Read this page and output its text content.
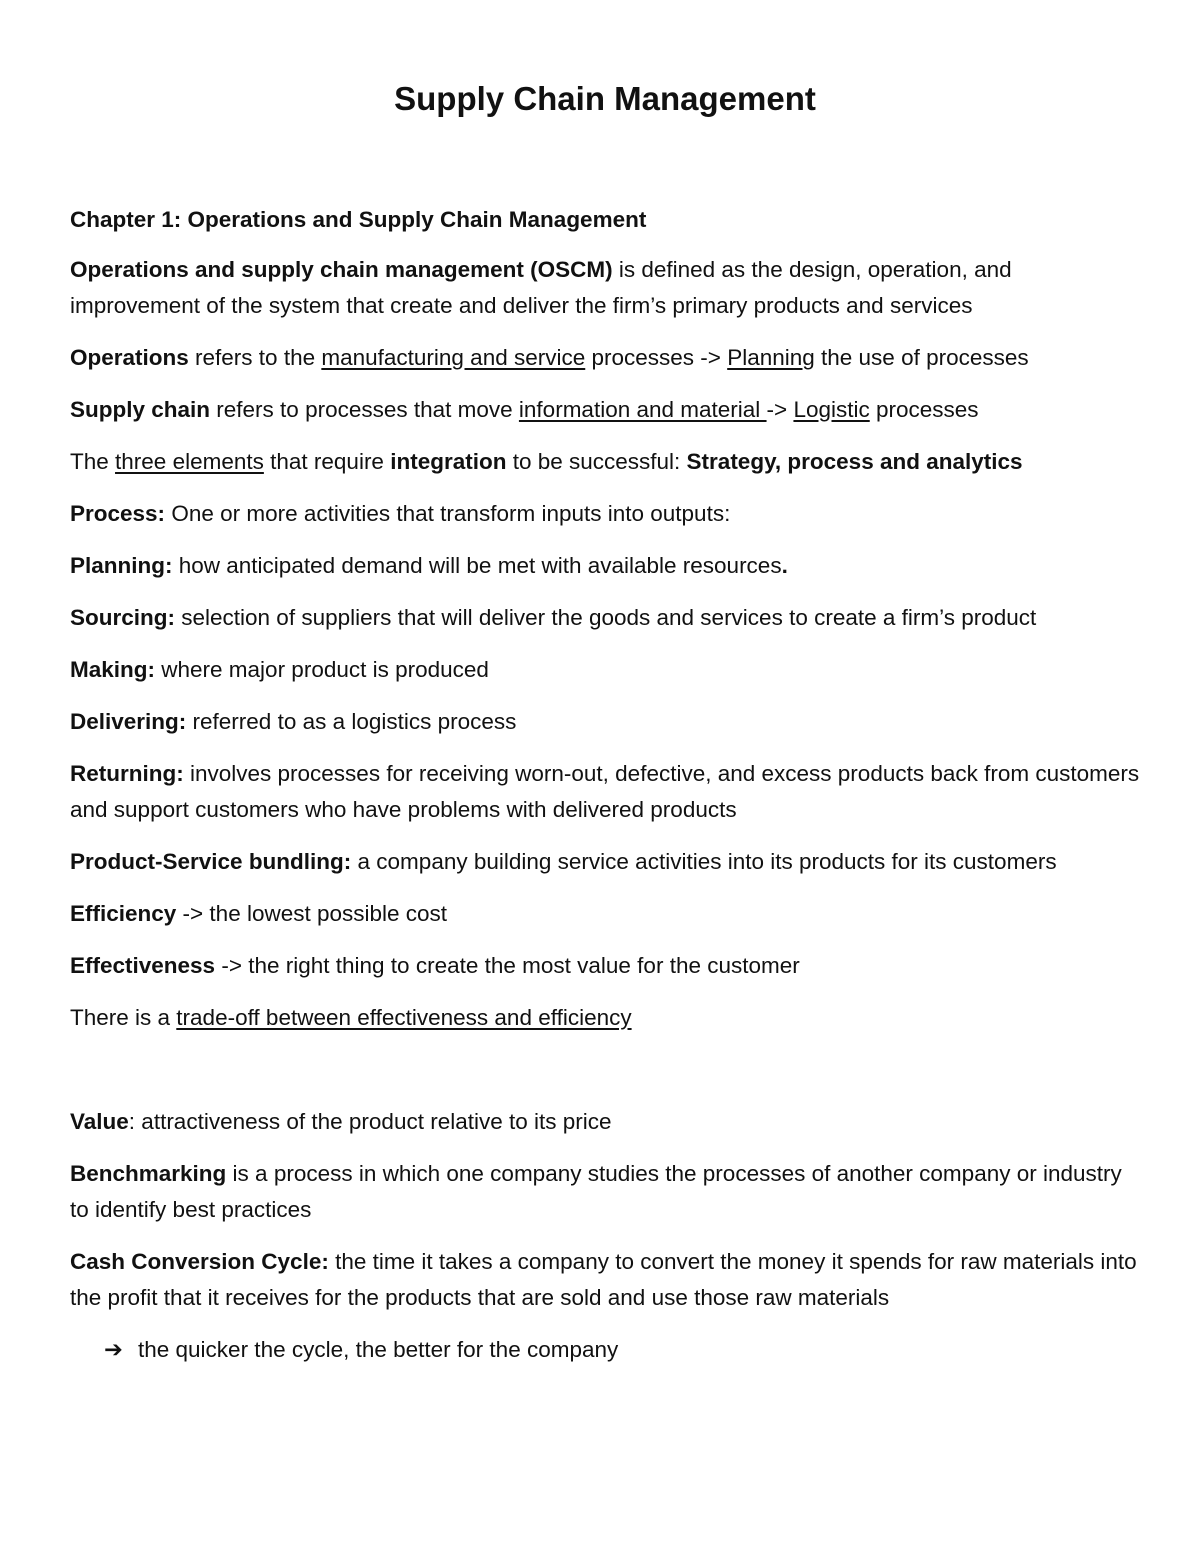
Supply Chain Management

Chapter 1: Operations and Supply Chain Management

Operations and supply chain management (OSCM) is defined as the design, operation, and improvement of the system that create and deliver the firm’s primary products and services

Operations refers to the manufacturing and service processes -> Planning the use of processes

Supply chain refers to processes that move information and material -> Logistic processes

The three elements that require integration to be successful: Strategy, process and analytics

Process: One or more activities that transform inputs into outputs:

Planning: how anticipated demand will be met with available resources.

Sourcing: selection of suppliers that will deliver the goods and services to create a firm’s product

Making: where major product is produced

Delivering: referred to as a logistics process

Returning: involves processes for receiving worn-out, defective, and excess products back from customers and support customers who have problems with delivered products

Product-Service bundling: a company building service activities into its products for its customers

Efficiency -> the lowest possible cost

Effectiveness -> the right thing to create the most value for the customer

There is a trade-off between effectiveness and efficiency

Value: attractiveness of the product relative to its price

Benchmarking is a process in which one company studies the processes of another company or industry to identify best practices

Cash Conversion Cycle: the time it takes a company to convert the money it spends for raw materials into the profit that it receives for the products that are sold and use those raw materials

➔ the quicker the cycle, the better for the company
